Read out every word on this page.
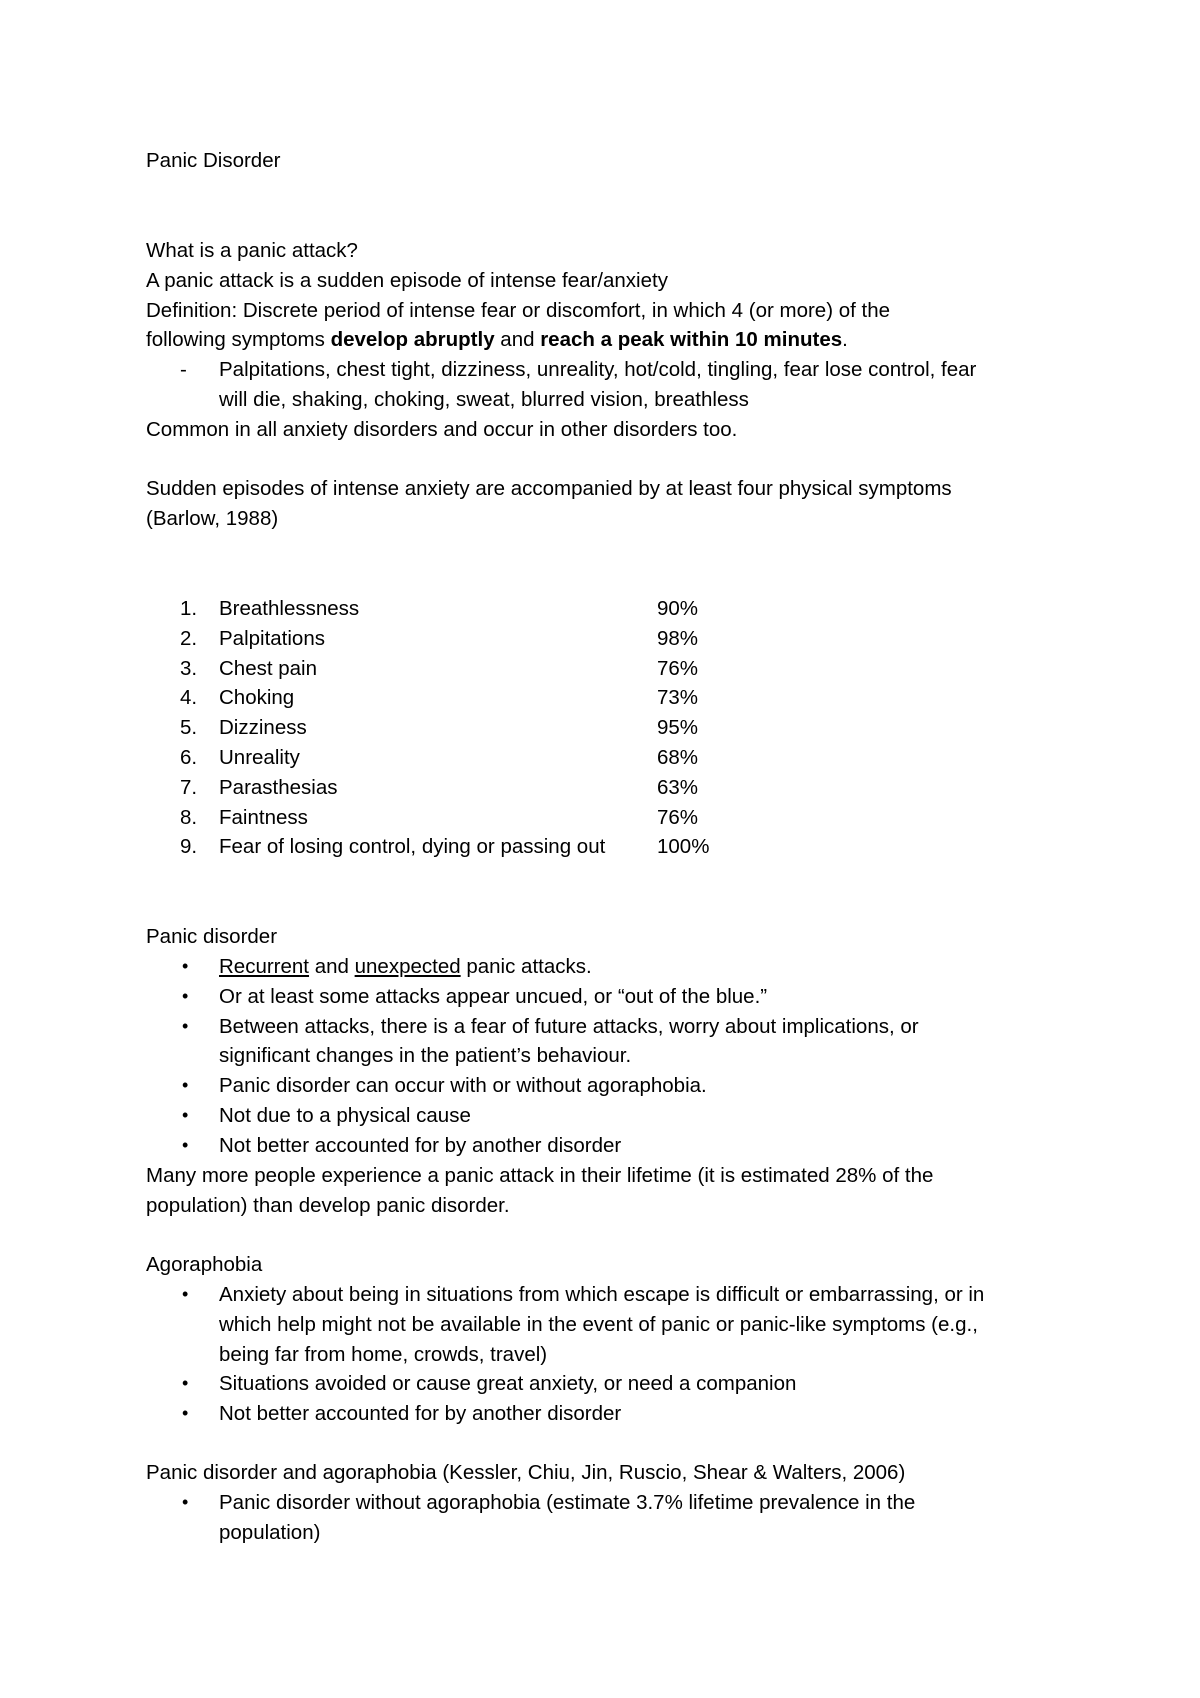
Panic Disorder

What is a panic attack?
A panic attack is a sudden episode of intense fear/anxiety
Definition: Discrete period of intense fear or discomfort, in which 4 (or more) of the
following symptoms develop abruptly and reach a peak within 10 minutes.
-	Palpitations, chest tight, dizziness, unreality, hot/cold, tingling, fear lose control, fear
will die, shaking, choking, sweat, blurred vision, breathless
Common in all anxiety disorders and occur in other disorders too.
Sudden episodes of intense anxiety are accompanied by at least four physical symptoms
(Barlow, 1988)
1.	Breathlessness	90%
2.	Palpitations	98%
3.	Chest pain	76%
4.	Choking	73%
5.	Dizziness	95%
6.	Unreality	68%
7.	Parasthesias	63%
8.	Faintness	76%
9.	Fear of losing control, dying or passing out	100%
Panic disorder
• Recurrent and unexpected panic attacks.
• Or at least some attacks appear uncued, or “out of the blue.”
• Between attacks, there is a fear of future attacks, worry about implications, or
significant changes in the patient’s behaviour.
• Panic disorder can occur with or without agoraphobia.
• Not due to a physical cause
• Not better accounted for by another disorder
Many more people experience a panic attack in their lifetime (it is estimated 28% of the
population) than develop panic disorder.
Agoraphobia
• Anxiety about being in situations from which escape is difficult or embarrassing, or in
which help might not be available in the event of panic or panic-like symptoms (e.g.,
being far from home, crowds, travel)
• Situations avoided or cause great anxiety, or need a companion
• Not better accounted for by another disorder
Panic disorder and agoraphobia (Kessler, Chiu, Jin, Ruscio, Shear & Walters, 2006)
• Panic disorder without agoraphobia (estimate 3.7% lifetime prevalence in the
population)
